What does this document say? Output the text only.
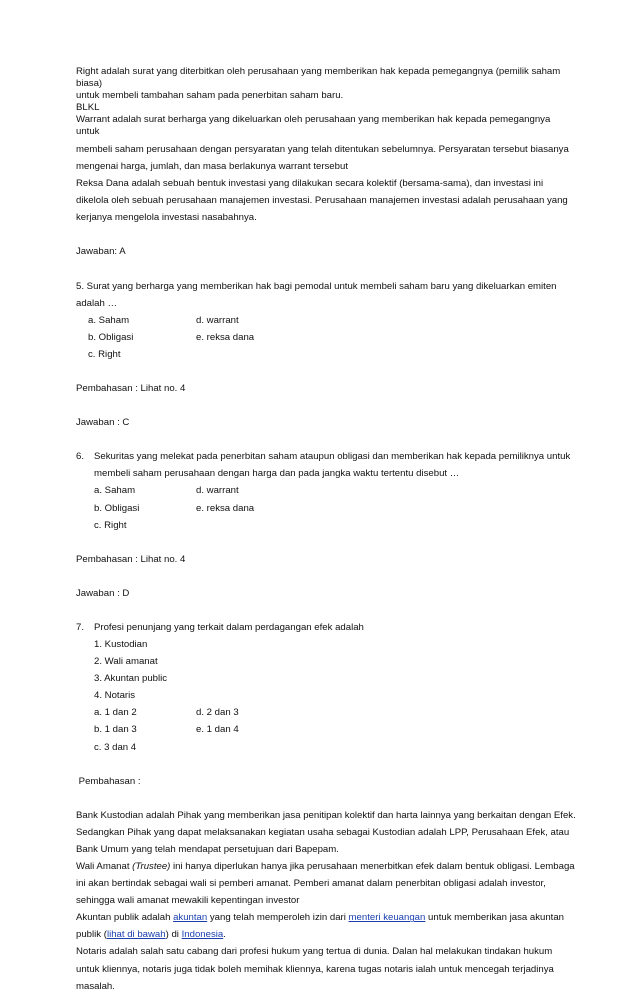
Right adalah surat yang diterbitkan oleh perusahaan yang memberikan hak kepada pemegangnya (pemilik saham biasa)

untuk membeli tambahan saham pada penerbitan saham baru.

BLKL

Warrant adalah surat berharga yang dikeluarkan oleh perusahaan yang memberikan hak kepada pemegangnya untuk

membeli saham perusahaan dengan persyaratan yang telah ditentukan sebelumnya. Persyaratan tersebut biasanya mengenai harga, jumlah, dan masa berlakunya warrant tersebut

Reksa Dana adalah sebuah bentuk investasi yang dilakukan secara kolektif (bersama-sama), dan investasi ini dikelola oleh sebuah perusahaan manajemen investasi. Perusahaan manajemen investasi adalah perusahaan yang kerjanya mengelola investasi nasabahnya.

Jawaban: A

5. Surat yang berharga yang memberikan hak bagi pemodal untuk membeli saham baru yang dikeluarkan emiten adalah …

a. Saham	d. warrant
b. Obligasi	e. reksa dana
c. Right

Pembahasan : Lihat no. 4

Jawaban : C

6.	Sekuritas yang melekat pada penerbitan saham ataupun obligasi dan memberikan hak kepada pemiliknya untuk membeli saham perusahaan dengan harga dan pada jangka waktu tertentu disebut …
a. Saham	d. warrant
b. Obligasi	e. reksa dana
c. Right

Pembahasan : Lihat no. 4

Jawaban : D

7.	Profesi penunjang yang terkait dalam perdagangan efek adalah

1. Kustodian

2. Wali amanat

3. Akuntan public

4. Notaris

a. 1 dan 2	d. 2 dan 3
b. 1 dan 3	e. 1 dan 4
c. 3 dan 4

Pembahasan :

Bank Kustodian adalah Pihak yang memberikan jasa penitipan kolektif dan harta lainnya yang berkaitan dengan Efek. Sedangkan Pihak yang dapat melaksanakan kegiatan usaha sebagai Kustodian adalah LPP, Perusahaan Efek, atau Bank Umum yang telah mendapat persetujuan dari Bapepam.

Wali Amanat (Trustee) ini hanya diperlukan hanya jika perusahaan menerbitkan efek dalam bentuk obligasi. Lembaga ini akan bertindak sebagai wali si pemberi amanat. Pemberi amanat dalam penerbitan obligasi adalah investor, sehingga wali amanat mewakili kepentingan investor

Akuntan publik adalah akuntan yang telah memperoleh izin dari menteri keuangan untuk memberikan jasa akuntan publik (lihat di bawah) di Indonesia.

Notaris adalah salah satu cabang dari profesi hukum yang tertua di dunia. Dalan hal melakukan tindakan hukum untuk kliennya, notaris juga tidak boleh memihak kliennya, karena tugas notaris ialah untuk mencegah terjadinya masalah.
